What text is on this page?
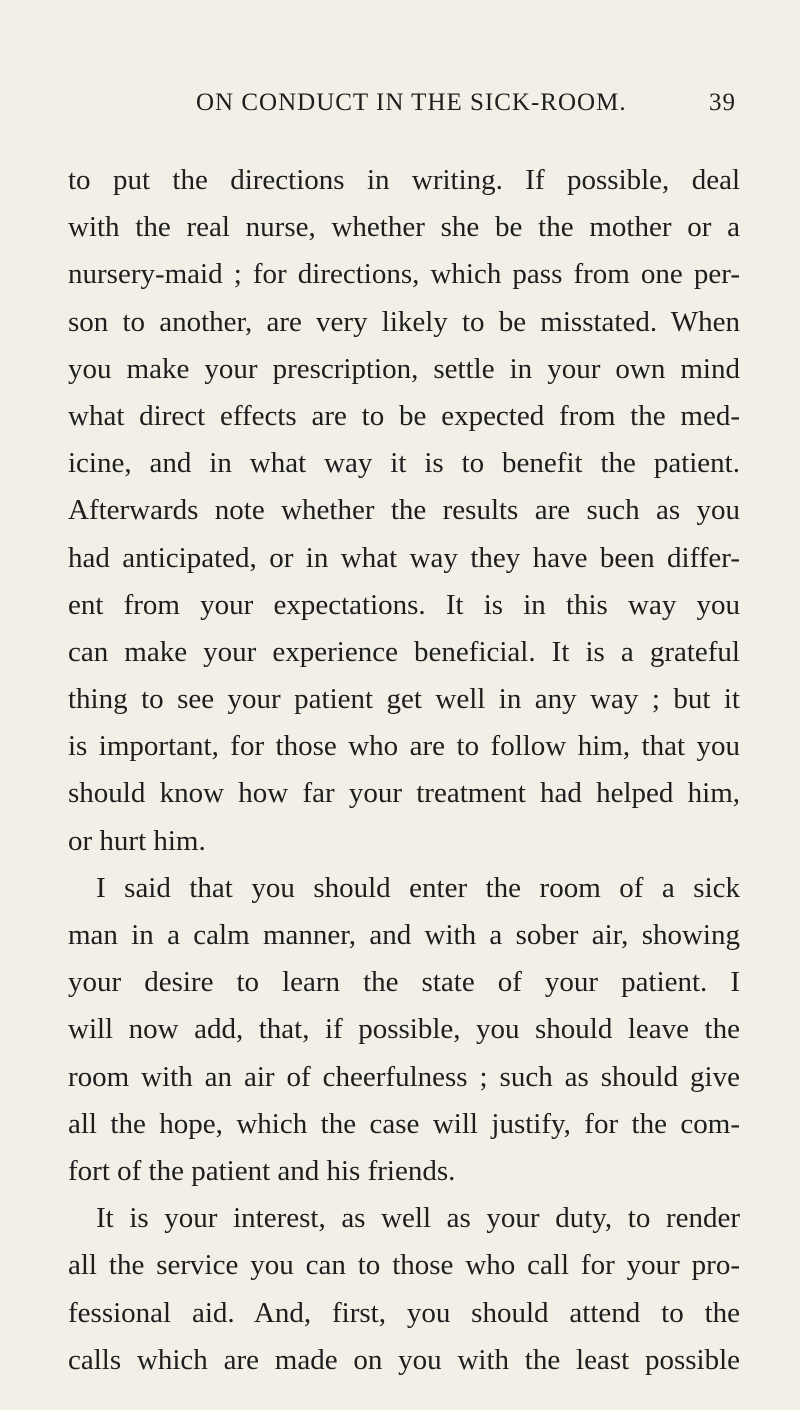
ON CONDUCT IN THE SICK-ROOM.	39
to put the directions in writing. If possible, deal
with the real nurse, whether she be the mother or a
nursery-maid ; for directions, which pass from one per-
son to another, are very likely to be misstated. When
you make your prescription, settle in your own mind
what direct effects are to be expected from the med-
icine, and in what way it is to benefit the patient.
Afterwards note whether the results are such as you
had anticipated, or in what way they have been differ-
ent from your expectations. It is in this way you
can make your experience beneficial. It is a grateful
thing to see your patient get well in any way ; but it
is important, for those who are to follow him, that you
should know how far your treatment had helped him,
or hurt him.
I said that you should enter the room of a sick
man in a calm manner, and with a sober air, showing
your desire to learn the state of your patient. I
will now add, that, if possible, you should leave the
room with an air of cheerfulness ; such as should give
all the hope, which the case will justify, for the com-
fort of the patient and his friends.
It is your interest, as well as your duty, to render
all the service you can to those who call for your pro-
fessional aid. And, first, you should attend to the
calls which are made on you with the least possible
